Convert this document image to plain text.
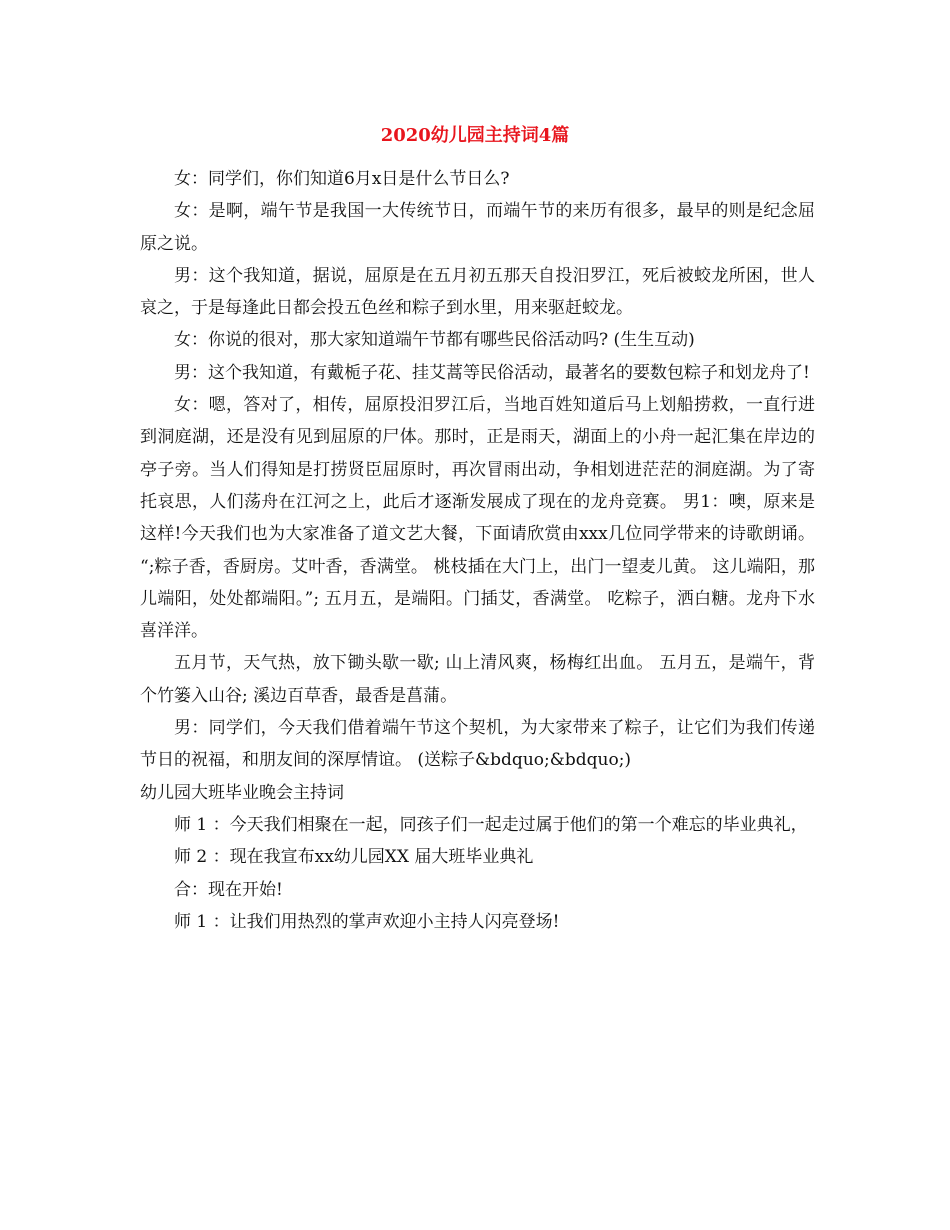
2020幼儿园主持词4篇

女：同学们，你们知道6月x日是什么节日么?

女：是啊，端午节是我国一大传统节日，而端午节的来历有很多，最早的则是纪念屈原之说。

男：这个我知道，据说，屈原是在五月初五那天自投汨罗江，死后被蛟龙所困，世人哀之，于是每逢此日都会投五色丝和粽子到水里，用来驱赶蛟龙。

女：你说的很对，那大家知道端午节都有哪些民俗活动吗? (生生互动)

男：这个我知道，有戴栀子花、挂艾蒿等民俗活动，最著名的要数包粽子和划龙舟了!

女：嗯，答对了，相传，屈原投汨罗江后，当地百姓知道后马上划船捞救，一直行进到洞庭湖，还是没有见到屈原的尸体。那时，正是雨天，湖面上的小舟一起汇集在岸边的亭子旁。当人们得知是打捞贤臣屈原时，再次冒雨出动，争相划进茫茫的洞庭湖。为了寄托哀思，人们荡舟在江河之上，此后才逐渐发展成了现在的龙舟竞赛。 男1：噢，原来是这样!今天我们也为大家准备了道文艺大餐，下面请欣赏由xxx几位同学带来的诗歌朗诵。 “;粽子香，香厨房。艾叶香，香满堂。 桃枝插在大门上，出门一望麦儿黄。 这儿端阳，那儿端阳，处处都端阳。”; 五月五，是端阳。门插艾，香满堂。 吃粽子，洒白糖。龙舟下水喜洋洋。

五月节，天气热，放下锄头歇一歇; 山上清风爽，杨梅红出血。 五月五，是端午，背个竹篓入山谷; 溪边百草香，最香是菖蒲。

男：同学们，今天我们借着端午节这个契机，为大家带来了粽子，让它们为我们传递节日的祝福，和朋友间的深厚情谊。 (送粽子&bdquo;&bdquo;)

幼儿园大班毕业晚会主持词

师 1 ：今天我们相聚在一起，同孩子们一起走过属于他们的第一个难忘的毕业典礼，

师 2 ：现在我宣布xx幼儿园XX 届大班毕业典礼

合：现在开始!

师 1 ：让我们用热烈的掌声欢迎小主持人闪亮登场!
